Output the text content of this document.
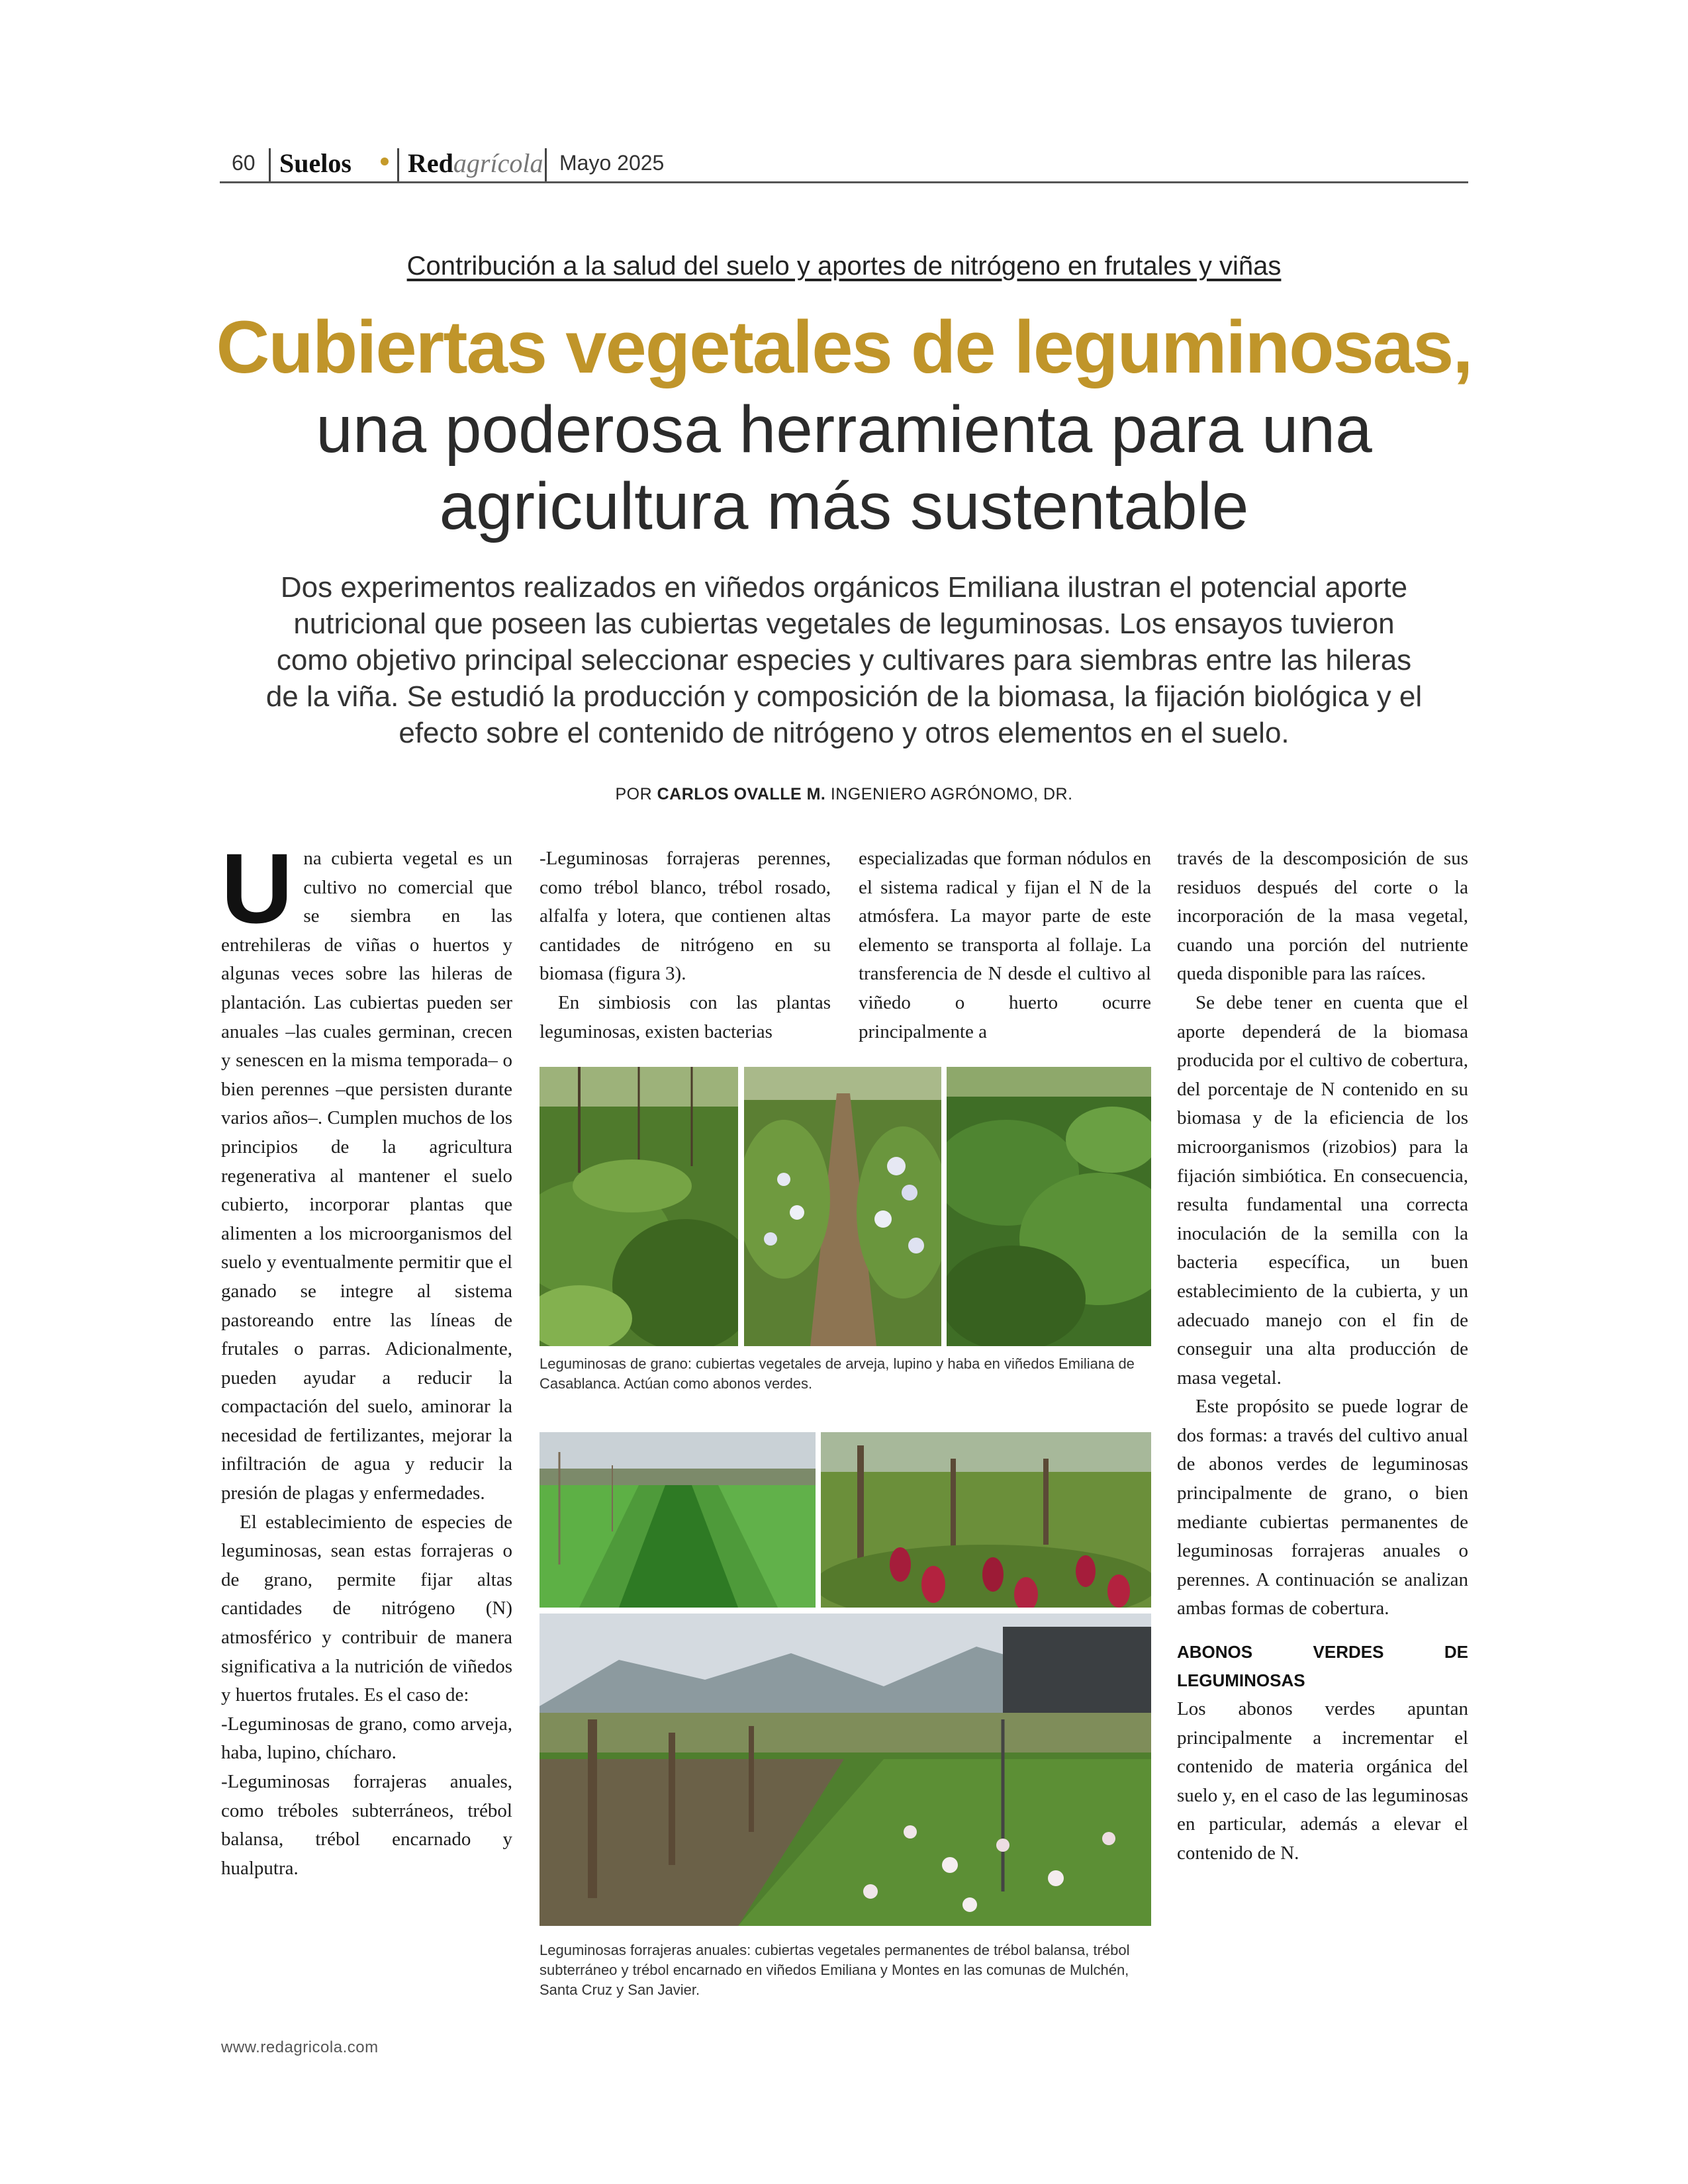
60 Suelos Red agrícola Mayo 2025
Contribución a la salud del suelo y aportes de nitrógeno en frutales y viñas
Cubiertas vegetales de leguminosas,
una poderosa herramienta para una
agricultura más sustentable
Dos experimentos realizados en viñedos orgánicos Emiliana ilustran el potencial aporte nutricional que poseen las cubiertas vegetales de leguminosas. Los ensayos tuvieron como objetivo principal seleccionar especies y cultivares para siembras entre las hileras de la viña. Se estudió la producción y composición de la biomasa, la fijación biológica y el efecto sobre el contenido de nitrógeno y otros elementos en el suelo.
POR CARLOS OVALLE M. INGENIERO AGRÓNOMO, DR.

Una cubierta vegetal es un cultivo no comercial que se siembra en las entrehileras de viñas o huertos y algunas veces sobre las hileras de plantación. Las cubiertas pueden ser anuales –las cuales germinan, crecen y senescen en la misma temporada– o bien perennes –que persisten durante varios años–. Cumplen muchos de los principios de la agricultura regenerativa al mantener el suelo cubierto, incorporar plantas que alimenten a los microorganismos del suelo y eventualmente permitir que el ganado se integre al sistema pastoreando entre las líneas de frutales o parras. Adicionalmente, pueden ayudar a reducir la compactación del suelo, aminorar la necesidad de fertilizantes, mejorar la infiltración de agua y reducir la presión de plagas y enfermedades.

El establecimiento de especies de leguminosas, sean estas forrajeras o de grano, permite fijar altas cantidades de nitrógeno (N) atmosférico y contribuir de manera significativa a la nutrición de viñedos y huertos frutales. Es el caso de:

-Leguminosas de grano, como arveja, haba, lupino, chícharo.

-Leguminosas forrajeras anuales, como tréboles subterráneos, trébol balansa, trébol encarnado y hualputra.

-Leguminosas forrajeras perennes, como trébol blanco, trébol rosado, alfalfa y lotera, que contienen altas cantidades de nitrógeno en su biomasa (figura 3).

En simbiosis con las plantas leguminosas, existen bacterias

especializadas que forman nódulos en el sistema radical y fijan el N de la atmósfera. La mayor parte de este elemento se transporta al follaje. La transferencia de N desde el cultivo al viñedo o huerto ocurre principalmente a

través de la descomposición de sus residuos después del corte o la incorporación de la masa vegetal, cuando una porción del nutriente queda disponible para las raíces.

Se debe tener en cuenta que el aporte dependerá de la biomasa producida por el cultivo de cobertura, del porcentaje de N contenido en su biomasa y de la eficiencia de los microorganismos (rizobios) para la fijación simbiótica. En consecuencia, resulta fundamental una correcta inoculación de la semilla con la bacteria específica, un buen establecimiento de la cubierta, y un adecuado manejo con el fin de conseguir una alta producción de masa vegetal.

Este propósito se puede lograr de dos formas: a través del cultivo anual de abonos verdes de leguminosas principalmente de grano, o bien mediante cubiertas permanentes de leguminosas forrajeras anuales o perennes. A continuación se analizan ambas formas de cobertura.

ABONOS VERDES DE LEGUMINOSAS

Los abonos verdes apuntan principalmente a incrementar el contenido de materia orgánica del suelo y, en el caso de las leguminosas en particular, además a elevar el contenido de N.

Leguminosas de grano: cubiertas vegetales de arveja, lupino y haba en viñedos Emiliana de Casablanca. Actúan como abonos verdes.
Leguminosas forrajeras anuales: cubiertas vegetales permanentes de trébol balansa, trébol subterráneo y trébol encarnado en viñedos Emiliana y Montes en las comunas de Mulchén, Santa Cruz y San Javier.
www.redagricola.com
